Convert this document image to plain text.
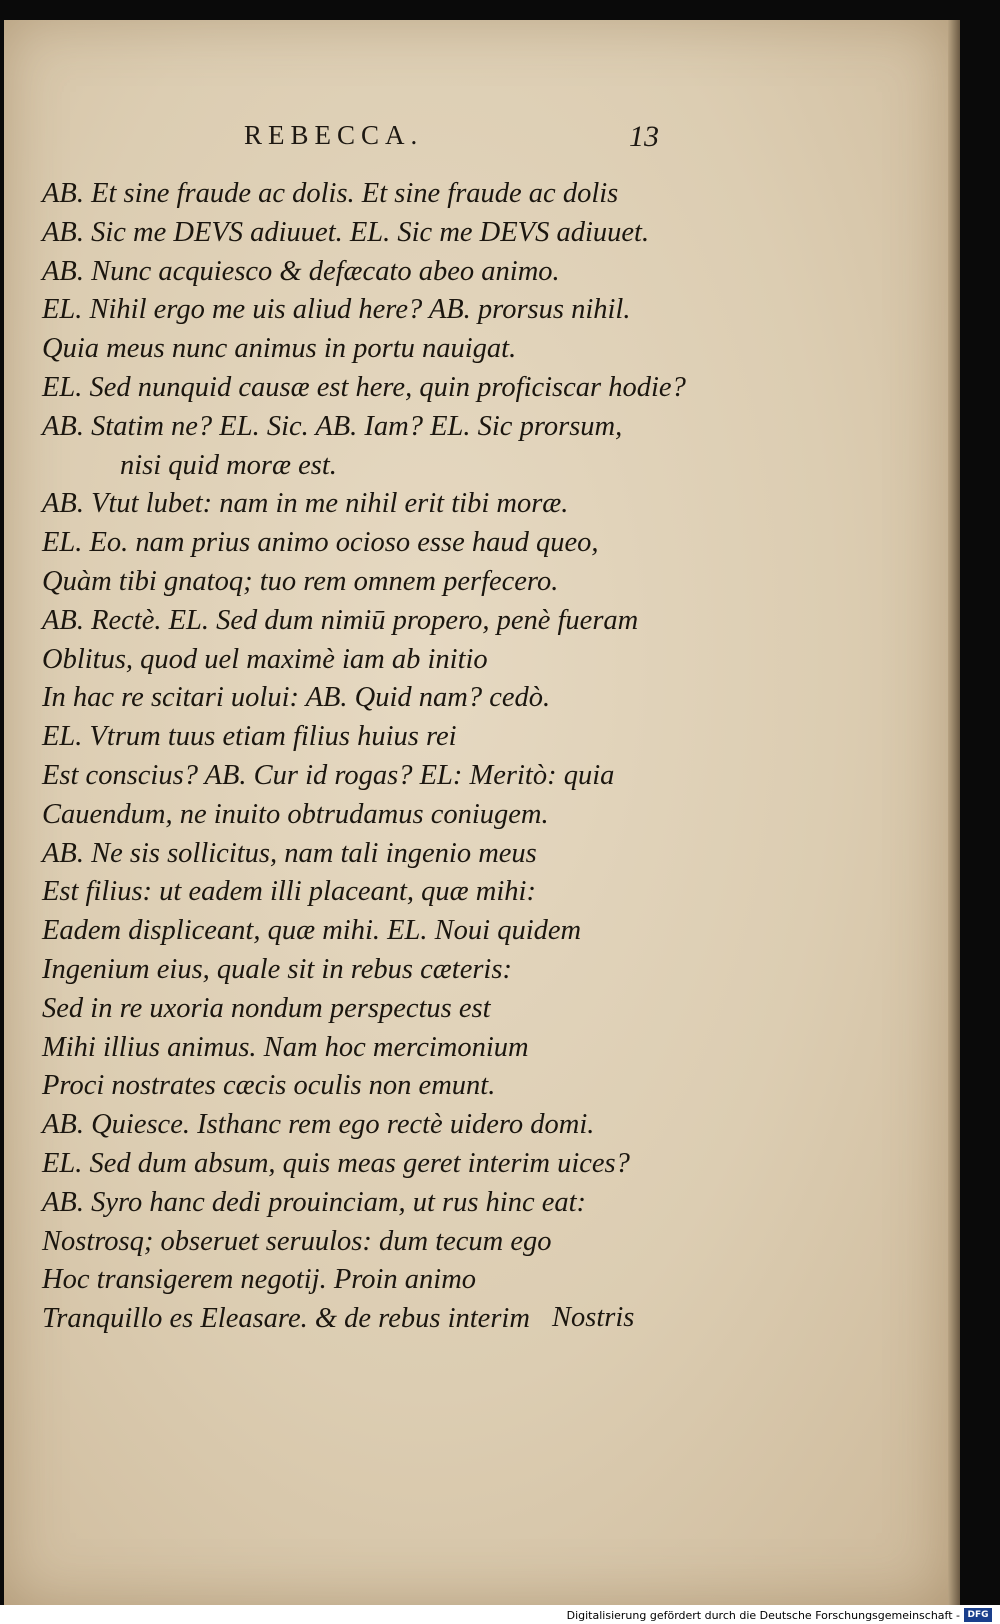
REBECCA.	13
AB. Et sine fraude ac dolis. Et sine fraude ac dolis
AB. Sic me DEVS adiuuet. EL. Sic me DEVS adiuuet.
AB. Nunc acquiesco & defæcato abeo animo.
EL. Nihil ergo me uis aliud here? AB. prorsus nihil.
Quia meus nunc animus in portu nauigat.
EL. Sed nunquid causæ est here, quin proficiscar hodie?
AB. Statim ne? EL. Sic. AB. Iam? EL. Sic prorsum,
nisi quid moræ est.
AB. Vtut lubet: nam in me nihil erit tibi moræ.
EL. Eo. nam prius animo ocioso esse haud queo,
Quàm tibi gnatoq; tuo rem omnem perfecero.
AB. Rectè. EL. Sed dum nimiū propero, penè fueram
Oblitus, quod uel maximè iam ab initio
In hac re scitari uolui: AB. Quid nam? cedò.
EL. Vtrum tuus etiam filius huius rei
Est conscius? AB. Cur id rogas? EL: Meritò: quia
Cauendum, ne inuito obtrudamus coniugem.
AB. Ne sis sollicitus, nam tali ingenio meus
Est filius: ut eadem illi placeant, quæ mihi:
Eadem displiceant, quæ mihi. EL. Noui quidem
Ingenium eius, quale sit in rebus cæteris:
Sed in re uxoria nondum perspectus est
Mihi illius animus. Nam hoc mercimonium
Proci nostrates cæcis oculis non emunt.
AB. Quiesce. Isthanc rem ego rectè uidero domi.
EL. Sed dum absum, quis meas geret interim uices?
AB. Syro hanc dedi prouinciam, ut rus hinc eat:
Nostrosq; obseruet seruulos: dum tecum ego
Hoc transigerem negotij. Proin animo
Tranquillo es Eleasare. & de rebus interim Nostris
Digitalisierung gefördert durch die Deutsche Forschungsgemeinschaft - DFG
